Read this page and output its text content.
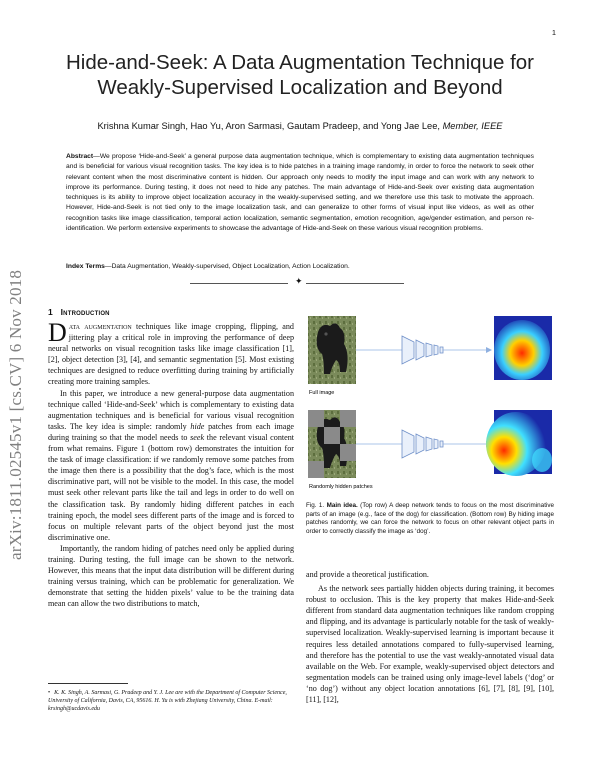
1
arXiv:1811.02545v1 [cs.CV] 6 Nov 2018
Hide-and-Seek: A Data Augmentation Technique for Weakly-Supervised Localization and Beyond
Krishna Kumar Singh, Hao Yu, Aron Sarmasi, Gautam Pradeep, and Yong Jae Lee, Member, IEEE

Abstract—We propose ‘Hide-and-Seek’ a general purpose data augmentation technique, which is complementary to existing data augmentation techniques and is beneficial for various visual recognition tasks. The key idea is to hide patches in a training image randomly, in order to force the network to seek other relevant content when the most discriminative content is hidden. Our approach only needs to modify the input image and can work with any network to improve its performance. During testing, it does not need to hide any patches. The main advantage of Hide-and-Seek over existing data augmentation techniques is its ability to improve object localization accuracy in the weakly-supervised setting, and we therefore use this task to motivate the approach. However, Hide-and-Seek is not tied only to the image localization task, and can generalize to other forms of visual input like videos, as well as other recognition tasks like image classification, temporal action localization, semantic segmentation, emotion recognition, age/gender estimation, and person re-identification. We perform extensive experiments to showcase the advantage of Hide-and-Seek on these various visual recognition problems.

Index Terms—Data Augmentation, Weakly-supervised, Object Localization, Action Localization.
✦
1 Introduction

Data augmentation techniques like image cropping, flipping, and jittering play a critical role in improving the performance of deep neural networks on visual recognition tasks like image classification [1], [2], object detection [3], [4], and semantic segmentation [5]. Most existing techniques are designed to reduce overfitting during training by artificially creating more training samples.

In this paper, we introduce a new general-purpose data augmentation technique called ‘Hide-and-Seek’ which is complementary to existing data augmentation techniques and is beneficial for various visual recognition tasks. The key idea is simple: randomly hide patches from each image during training so that the model needs to seek the relevant visual content from what remains. Figure 1 (bottom row) demonstrates the intuition for the task of image classification: if we randomly remove some patches from the image then there is a possibility that the dog’s face, which is the most discriminative part, will not be visible to the model. In this case, the model must seek other relevant parts like the tail and legs in order to do well on the classification task. By randomly hiding different patches in each training epoch, the model sees different parts of the image and is forced to focus on multiple relevant parts of the object beyond just the most discriminative one.

Importantly, the random hiding of patches need only be applied during training. During testing, the full image can be shown to the network. However, this means that the input data distribution will be different during training versus training, which can be problematic for generalization. We demonstrate that setting the hidden pixels’ value to be the training data mean can allow the two distributions to match,

• K. K. Singh, A. Sarmasi, G. Pradeep and Y. J. Lee are with the Department of Computer Science, University of California, Davis, CA, 95616. H. Yu is with Zhejiang University, China. E-mail: krsingh@ucdavis.edu
Full image
Randomly hidden patches
Fig. 1. Main idea. (Top row) A deep network tends to focus on the most discriminative parts of an image (e.g., face of the dog) for classification. (Bottom row) By hiding image patches randomly, we can force the network to focus on other relevant object parts in order to correctly classify the image as ‘dog’.

and provide a theoretical justification.

As the network sees partially hidden objects during training, it becomes robust to occlusion. This is the key property that makes Hide-and-Seek different from standard data augmentation techniques like random cropping and flipping, and its advantage is particularly notable for the task of weakly-supervised localization. Weakly-supervised learning is important because it requires less detailed annotations compared to fully-supervised learning, and therefore has the potential to use the vast weakly-annotated visual data available on the Web. For example, weakly-supervised object detectors and segmentation models can be trained using only image-level labels (‘dog’ or ‘no dog’) without any object location annotations [6], [7], [8], [9], [10], [11], [12],
